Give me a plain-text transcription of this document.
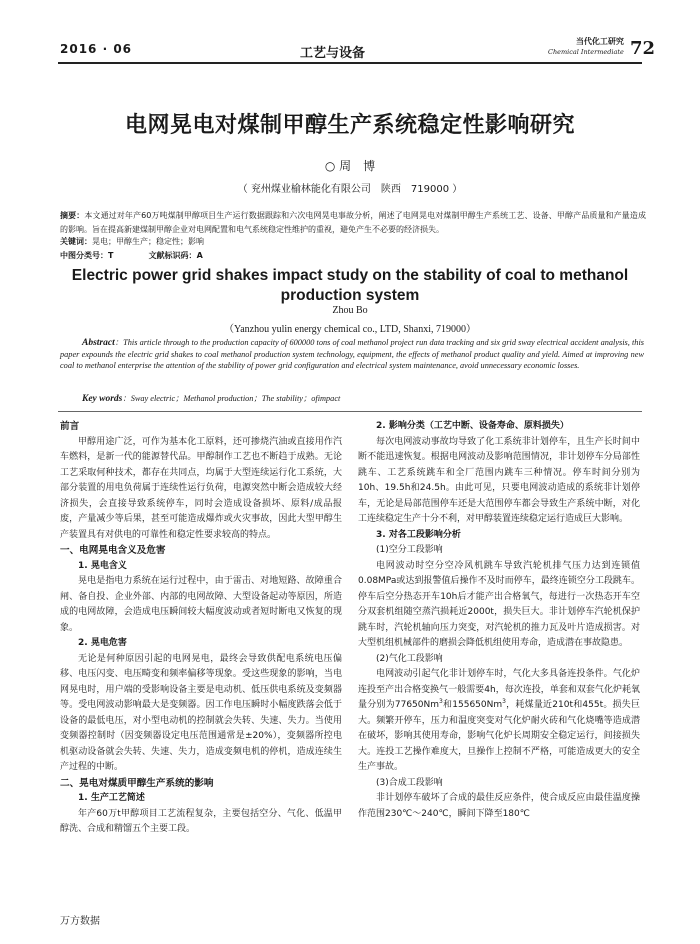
2016 · 06	工艺与设备
当代化工研究
Chemical Intermediate 72
电网晃电对煤制甲醇生产系统稳定性影响研究
○ 周　博
（ 兖州煤业榆林能化有限公司　陕西　719000 ）
摘要：本文通过对年产60万吨煤制甲醇项目生产运行数据跟踪和六次电网晃电事故分析，阐述了电网晃电对煤制甲醇生产系统工艺、设备、甲醇产品质量和产量造成的影响。旨在提高新建煤制甲醇企业对电网配置和电气系统稳定性维护的重视，避免产生不必要的经济损失。
关键词：晃电；甲醇生产；稳定性；影响
中图分类号：T	文献标识码：A
Electric power grid shakes impact study on the stability of coal to methanol production system
Zhou Bo
（Yanzhou yulin energy chemical co., LTD, Shanxi, 719000）
Abstract：This article through to the production capacity of 600000 tons of coal methanol project run data tracking and six grid sway electrical accident analysis, this paper expounds the electric grid shakes to coal methanol production system technology, equipment, the effects of methanol product quality and yield. Aimed at improving new coal to methanol enterprise the attention of the stability of power grid configuration and electrical system maintenance, avoid unnecessary economic losses.
Key words：Sway electric；Methanol production；The stability；ofimpact

前言

甲醇用途广泛，可作为基本化工原料，还可掺烧汽油或直接用作汽车燃料，是新一代的能源替代品。甲醇制作工艺也不断趋于成熟。无论工艺采取何种技术，都存在共同点，均属于大型连续运行化工系统，大部分装置的用电负荷属于连续性运行负荷，电源突然中断会造成较大经济损失，会直接导致系统停车，同时会造成设备损坏、原料/成品报废，产量减少等后果，甚至可能造成爆炸或火灾事故，因此大型甲醇生产装置具有对供电的可靠性和稳定性要求较高的特点。

一、电网晃电含义及危害

1. 晃电含义

晃电是指电力系统在运行过程中，由于雷击、对地短路、故障重合闸、备自投、企业外部、内部的电网故障、大型设备起动等原因，所造成的电网故障，会造成电压瞬间较大幅度波动或者短时断电又恢复的现象。

2. 晃电危害

无论是何种原因引起的电网晃电，最终会导致供配电系统电压偏移、电压闪变、电压畸变和频率偏移等现象。受这些现象的影响，当电网晃电时，用户端的受影响设备主要是电动机、低压供电系统及变频器等。受电网波动影响最大是变频器。因工作电压瞬时小幅度跌落会低于设备的最低电压，对小型电动机的控制就会失转、失速、失力。当使用变频器控制时（因变频器设定电压范围通常是±20%），变频器所控电机驱动设备就会失转、失速、失力，造成变频电机的停机，造成连续生产过程的中断。

二、晃电对煤质甲醇生产系统的影响

1. 生产工艺简述

年产60万t甲醇项目工艺流程复杂，主要包括空分、气化、低温甲醇洗、合成和精馏五个主要工段。

2. 影响分类（工艺中断、设备寿命、原料损失）

每次电网波动事故均导致了化工系统非计划停车，且生产长时间中断不能迅速恢复。根据电网波动及影响范围情况，非计划停车分局部性跳车、工艺系统跳车和全厂范围内跳车三种情况。停车时间分别为10h、19.5h和24.5h。由此可见，只要电网波动造成的系统非计划停车，无论是局部范围停车还是大范围停车都会导致生产系统中断，对化工连续稳定生产十分不利，对甲醇装置连续稳定运行造成巨大影响。

3. 对各工段影响分析

(1)空分工段影响

电网波动时空分空冷风机跳车导致汽轮机排气压力达到连锁值0.08MPa或达到报警值后操作不及时而停车，最终连锁空分工段跳车。停车后空分热态开车10h后才能产出合格氧气，每进行一次热态开车空分双套机组随空蒸汽损耗近2000t，损失巨大。非计划停车汽轮机保护跳车时，汽轮机轴向压力突变，对汽轮机的推力瓦及叶片造成损害。对大型机组机械部件的磨损会降低机组使用寿命，造成潜在事故隐患。

(2)气化工段影响

电网波动引起气化非计划停车时，气化大多具备连投条件。气化炉连投至产出合格变换气一般需要4h，每次连投，单套和双套气化炉耗氧量分别为77650Nm$^3$和155650Nm$^3$，耗煤量近210t和455t。损失巨大。频繁开停车，压力和温度突变对气化炉耐火砖和气化烧嘴等造成潜在破坏，影响其使用寿命，影响气化炉长周期安全稳定运行，间接损失大。连投工艺操作难度大，旦操作上控制不严格，可能造成更大的安全生产事故。

(3)合成工段影响

非计划停车破坏了合成的最佳反应条件，使合成反应由最佳温度操作范围230℃～240℃，瞬间下降至180℃

万方数据
